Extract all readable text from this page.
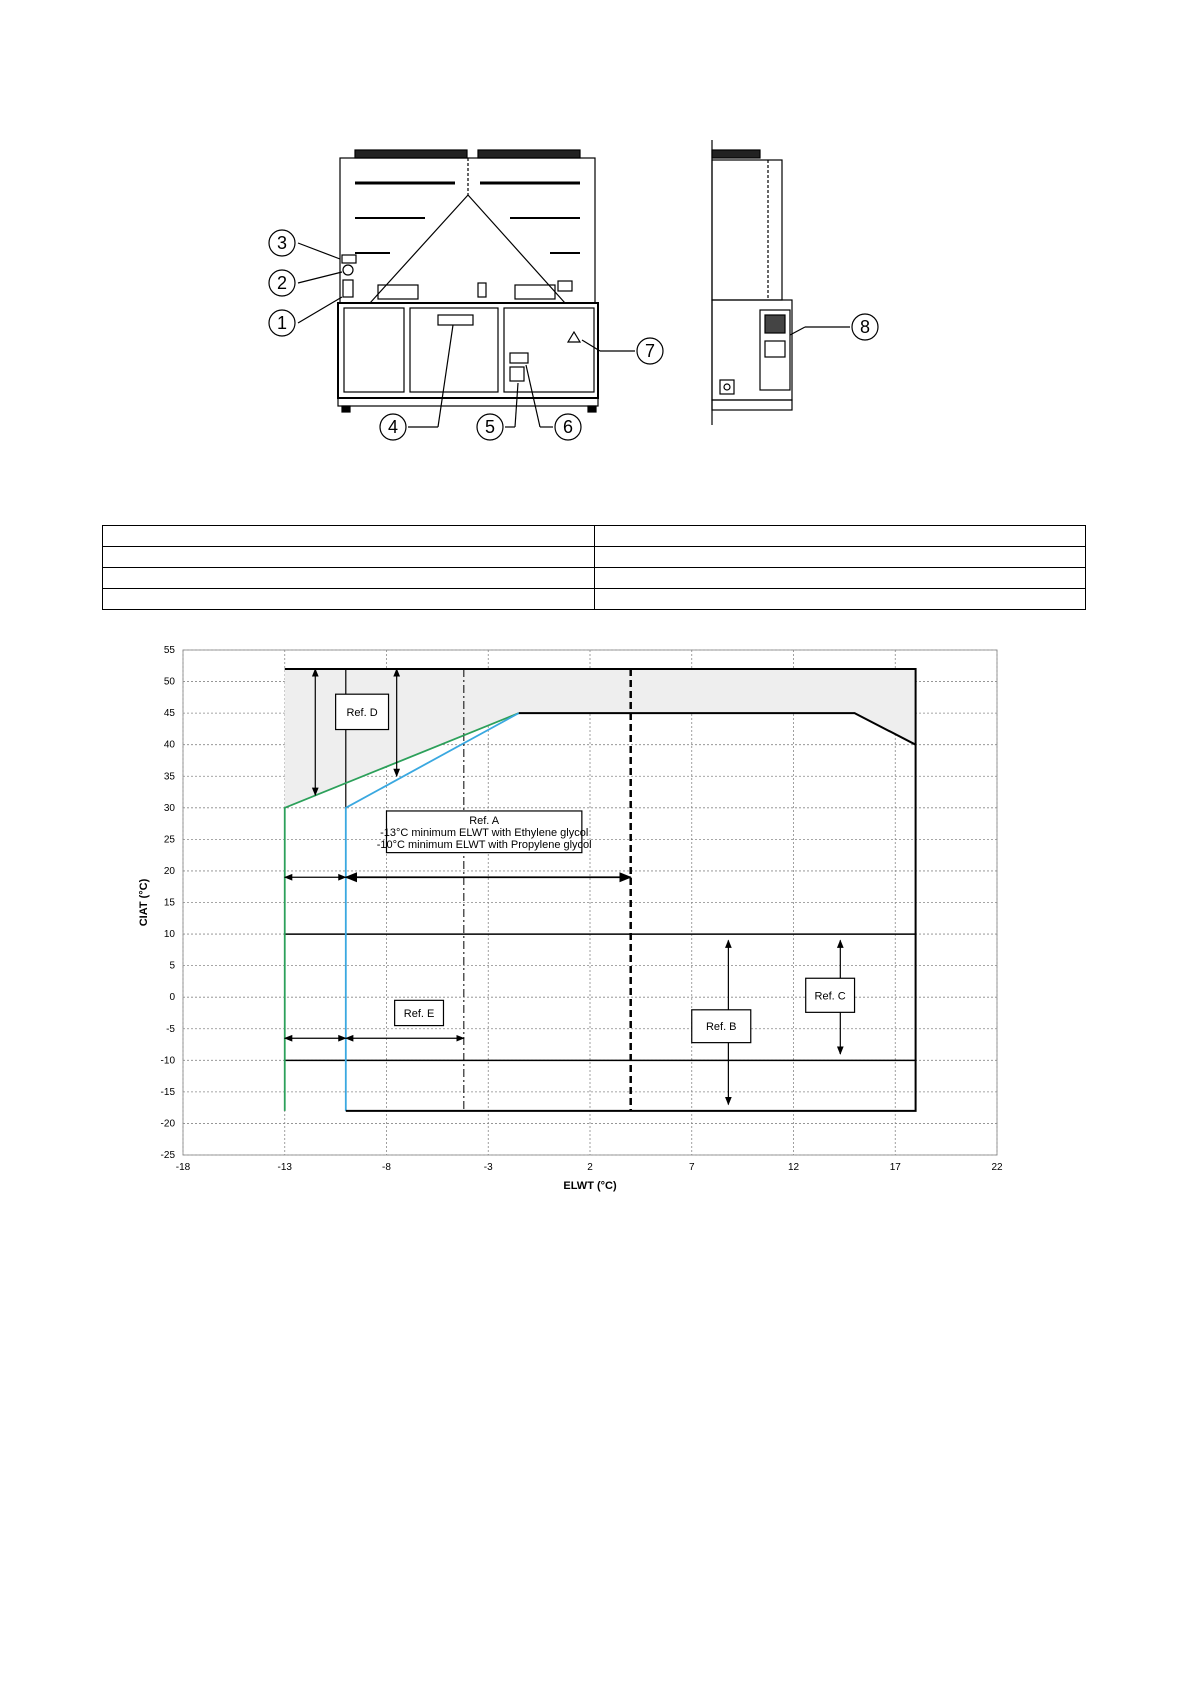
1
2
3
4	5	6
7
8

Ref. A
-13°C minimum ELWT with Ethylene glycol
-10°C minimum ELWT with Propylene glycol
Ref. B
Ref. C
Ref. D
Ref. E
-18	-13	-8	-3	2	7	12	17	22
55
50
45
40
35
30
25
20
15
10
5
0
-5
-10
-15
-20
-25
ELWT (°C)
CIAT (°C)
